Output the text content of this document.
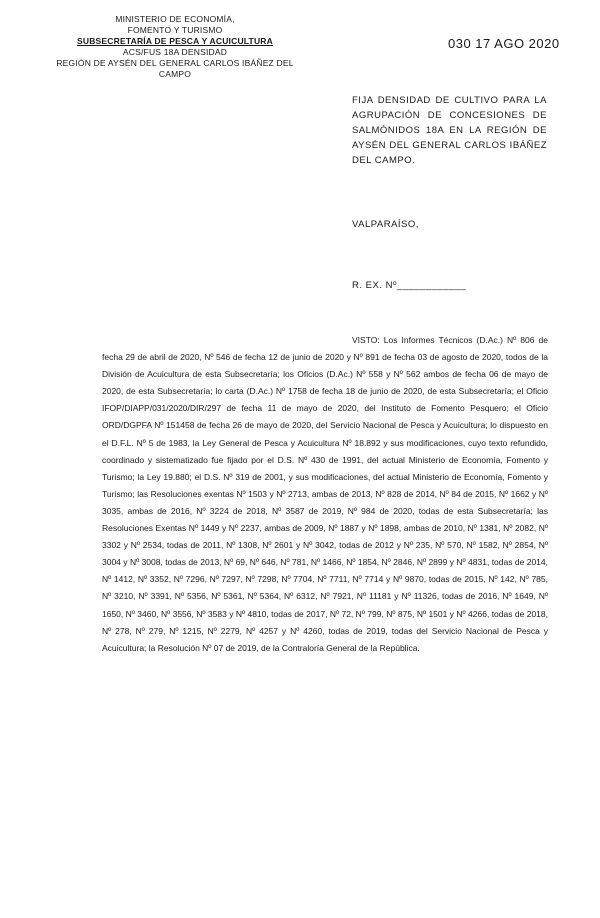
MINISTERIO DE ECONOMÍA,
FOMENTO Y TURISMO
SUBSECRETARÍA DE PESCA Y ACUICULTURA
ACS/FUS 18A DENSIDAD
REGIÓN DE AYSÉN DEL GENERAL CARLOS IBÁÑEZ DEL CAMPO
030 17 AGO 2020
FIJA DENSIDAD DE CULTIVO PARA LA AGRUPACIÓN DE CONCESIONES DE SALMÓNIDOS 18A EN LA REGIÓN DE AYSÉN DEL GENERAL CARLOS IBÁÑEZ DEL CAMPO.
VALPARAÍSO,
R. EX. Nº____________
VISTO: Los Informes Técnicos (D.Ac.) Nº 806 de fecha 29 de abril de 2020, Nº 546 de fecha 12 de junio de 2020 y Nº 891 de fecha 03 de agosto de 2020, todos de la División de Acuicultura de esta Subsecretaría; los Oficios (D.Ac.) Nº 558 y Nº 562 ambos de fecha 06 de mayo de 2020, de esta Subsecretaría; lo carta (D.Ac.) Nº 1758 de fecha 18 de junio de 2020, de esta Subsecretaría; el Oficio IFOP/DIAPP/031/2020/DIR/297 de fecha 11 de mayo de 2020, del Instituto de Fomento Pesquero; el Oficio ORD/DGPFA Nº 151458 de fecha 26 de mayo de 2020, del Servicio Nacional de Pesca y Acuicultura; lo dispuesto en el D.F.L. Nº 5 de 1983, la Ley General de Pesca y Acuicultura Nº 18.892 y sus modificaciones, cuyo texto refundido, coordinado y sistematizado fue fijado por el D.S. Nº 430 de 1991, del actual Ministerio de Economía, Fomento y Turismo; la Ley 19.880; el D.S. Nº 319 de 2001, y sus modificaciones, del actual Ministerio de Economía, Fomento y Turismo; las Resoluciones exentas Nº 1503 y Nº 2713, ambas de 2013, Nº 828 de 2014, Nº 84 de 2015, Nº 1662 y Nº 3035, ambas de 2016, Nº 3224 de 2018, Nº 3587 de 2019, Nº 984 de 2020, todas de esta Subsecretaría; las Resoluciones Exentas Nº 1449 y Nº 2237, ambas de 2009, Nº 1887 y Nº 1898, ambas de 2010, Nº 1381, Nº 2082, Nº 3302 y Nº 2534, todas de 2011, Nº 1308, Nº 2601 y Nº 3042, todas de 2012 y Nº 235, Nº 570, Nº 1582, Nº 2854, Nº 3004 y Nº 3008, todas de 2013, Nº 69, Nº 646, Nº 781, Nº 1466, Nº 1854, Nº 2846, Nº 2899 y Nº 4831, todas de 2014, Nº 1412, Nº 3352, Nº 7296, Nº 7297, Nº 7298, Nº 7704, Nº 7711, Nº 7714 y Nº 9870, todas de 2015, Nº 142, Nº 785, Nº 3210, Nº 3391, Nº 5356, Nº 5361, Nº 5364, Nº 6312, Nº 7921, Nº 11181 y Nº 11326, todas de 2016, Nº 1649, Nº 1650, Nº 3460, Nº 3556, Nº 3583 y Nº 4810, todas de 2017, Nº 72, Nº 799, Nº 875, Nº 1501 y Nº 4266, todas de 2018, Nº 278, Nº 279, Nº 1215, Nº 2279, Nº 4257 y Nº 4260, todas de 2019, todas del Servicio Nacional de Pesca y Acuicultura; la Resolución Nº 07 de 2019, de la Contraloría General de la República.
